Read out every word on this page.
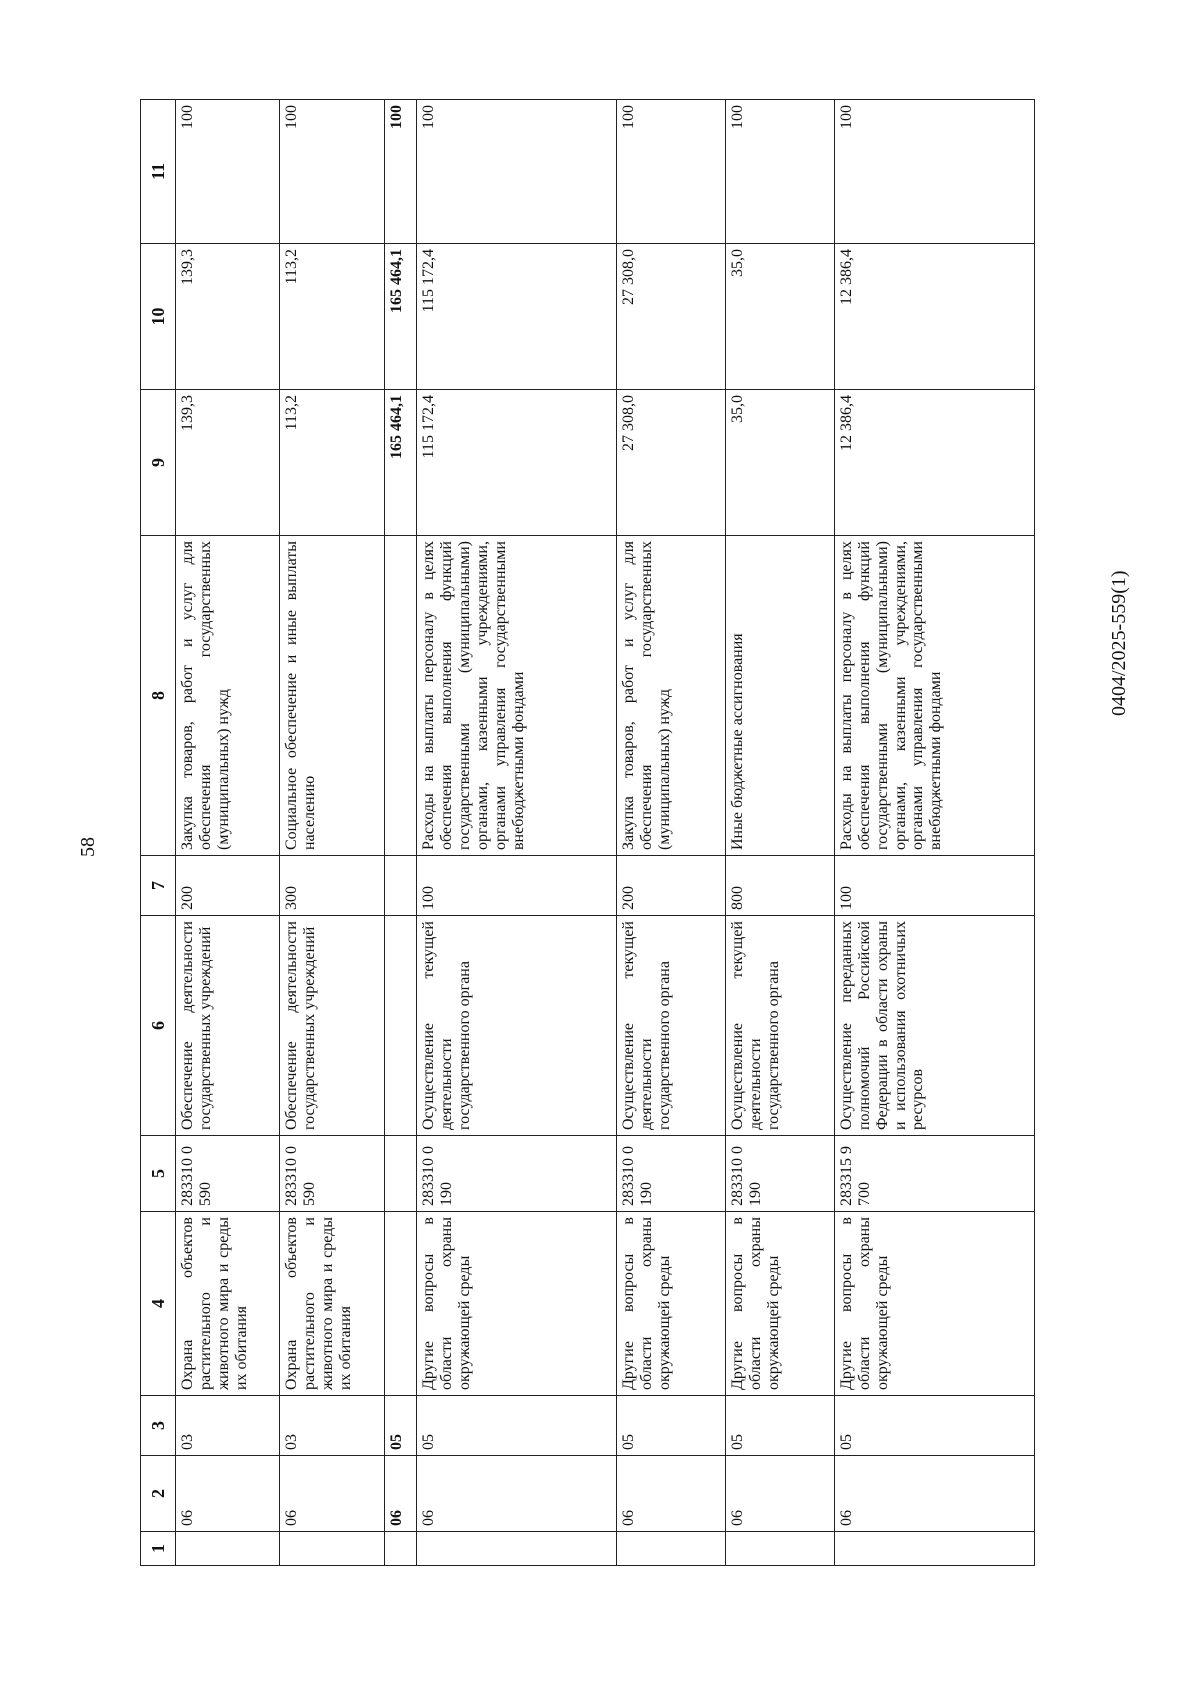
58
0404/2025-559(1)
1	2	3	4	5	6	7	8	9	10	11
	06	03	Охрана объектов растительного и животного мира и среды их обитания	283310 0590	Обеспечение деятельности государственных учреждений	200	Закупка товаров, работ и услуг для обеспечения государственных (муниципальных) нужд	139,3	139,3	100
	06	03	Охрана объектов растительного и животного мира и среды их обитания	283310 0590	Обеспечение деятельности государственных учреждений	300	Социальное обеспечение и иные выплаты населению	113,2	113,2	100
	06	05						165 464,1	165 464,1	100
	06	05	Другие вопросы в области охраны окружающей среды	283310 0190	Осуществление текущей деятельности государственного органа	100	Расходы на выплаты персоналу в целях обеспечения выполнения функций государственными (муниципальными) органами, казенными учреждениями, органами управления государственными внебюджетными фондами	115 172,4	115 172,4	100
	06	05	Другие вопросы в области охраны окружающей среды	283310 0190	Осуществление текущей деятельности государственного органа	200	Закупка товаров, работ и услуг для обеспечения государственных (муниципальных) нужд	27 308,0	27 308,0	100
	06	05	Другие вопросы в области охраны окружающей среды	283310 0190	Осуществление текущей деятельности государственного органа	800	Иные бюджетные ассигнования	35,0	35,0	100
	06	05	Другие вопросы в области охраны окружающей среды	283315 9700	Осуществление переданных полномочий Российской Федерации в области охраны и использования охотничьих ресурсов	100	Расходы на выплаты персоналу в целях обеспечения выполнения функций государственными (муниципальными) органами, казенными учреждениями, органами управления государственными внебюджетными фондами	12 386,4	12 386,4	100
